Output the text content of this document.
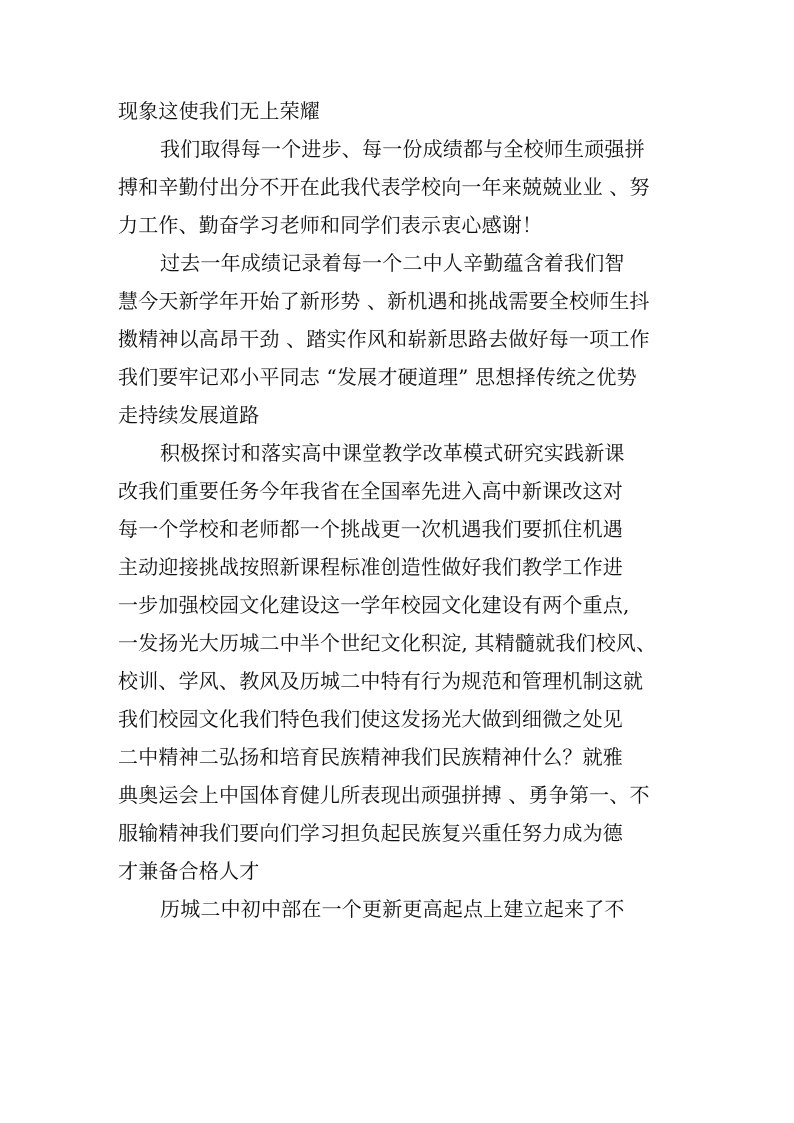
现象这使我们无上荣耀
我们取得每一个进步、每一份成绩都与全校师生顽强拼
搏和辛勤付出分不开在此我代表学校向一年来兢兢业业 、努
力工作、勤奋学习老师和同学们表示衷心感谢！
过去一年成绩记录着每一个二中人辛勤蕴含着我们智
慧今天新学年开始了新形势 、新机遇和挑战需要全校师生抖
擞精神以高昂干劲 、踏实作风和崭新思路去做好每一项工作
我们要牢记邓小平同志 “发展才硬道理” 思想择传统之优势
走持续发展道路
积极探讨和落实高中课堂教学改革模式研究实践新课
改我们重要任务今年我省在全国率先进入高中新课改这对
每一个学校和老师都一个挑战更一次机遇我们要抓住机遇
主动迎接挑战按照新课程标准创造性做好我们教学工作进
一步加强校园文化建设这一学年校园文化建设有两个重点,
一发扬光大历城二中半个世纪文化积淀, 其精髓就我们校风、
校训、学风、教风及历城二中特有行为规范和管理机制这就
我们校园文化我们特色我们使这发扬光大做到细微之处见
二中精神二弘扬和培育民族精神我们民族精神什么？就雅
典奥运会上中国体育健儿所表现出顽强拼搏 、勇争第一、不
服输精神我们要向们学习担负起民族复兴重任努力成为德
才兼备合格人才
历城二中初中部在一个更新更高起点上建立起来了不
